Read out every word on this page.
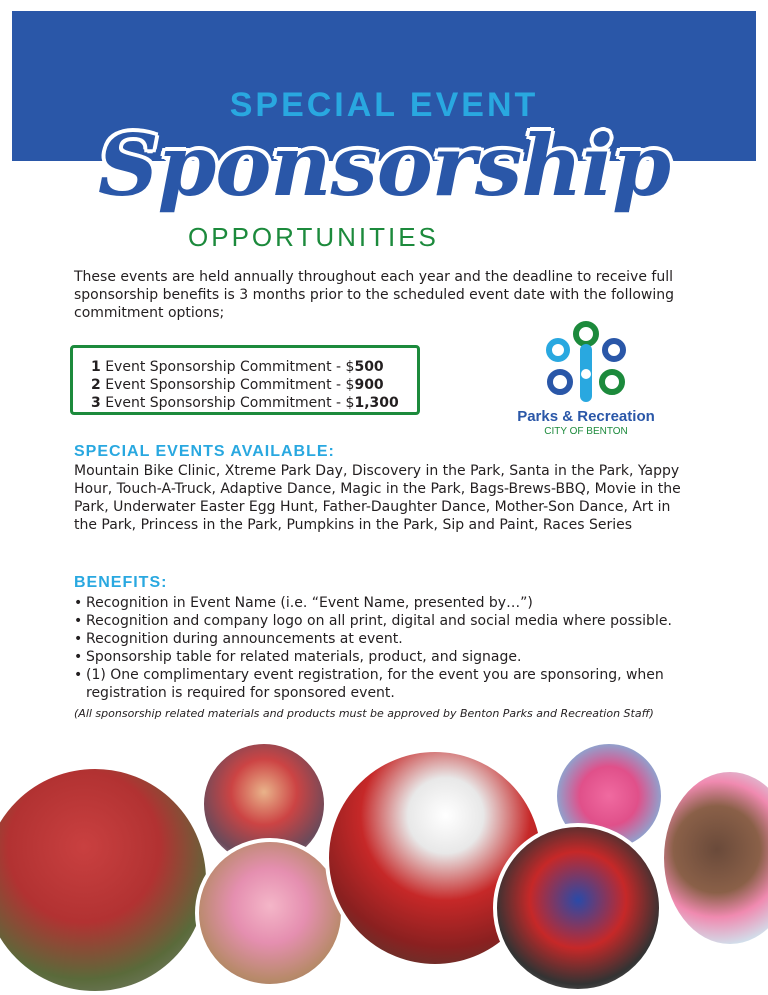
SPECIAL EVENT
Sponsorship
OPPORTUNITIES
These events are held annually throughout each year and the deadline to receive full sponsorship benefits is 3 months prior to the scheduled event date with the following commitment options;
1 Event Sponsorship Commitment - $500
2 Event Sponsorship Commitment - $900
3 Event Sponsorship Commitment - $1,300
Parks & Recreation
CITY OF BENTON
SPECIAL EVENTS AVAILABLE:
Mountain Bike Clinic, Xtreme Park Day, Discovery in the Park, Santa in the Park, Yappy Hour, Touch-A-Truck, Adaptive Dance, Magic in the Park, Bags-Brews-BBQ, Movie in the Park, Underwater Easter Egg Hunt, Father-Daughter Dance, Mother-Son Dance, Art in the Park, Princess in the Park, Pumpkins in the Park, Sip and Paint, Races Series
BENEFITS:
• Recognition in Event Name (i.e. “Event Name, presented by…”)
• Recognition and company logo on all print, digital and social media where possible.
• Recognition during announcements at event.
• Sponsorship table for related materials, product, and signage.
• (1) One complimentary event registration, for the event you are sponsoring, when registration is required for sponsored event.
(All sponsorship related materials and products must be approved by Benton Parks and Recreation Staff)
